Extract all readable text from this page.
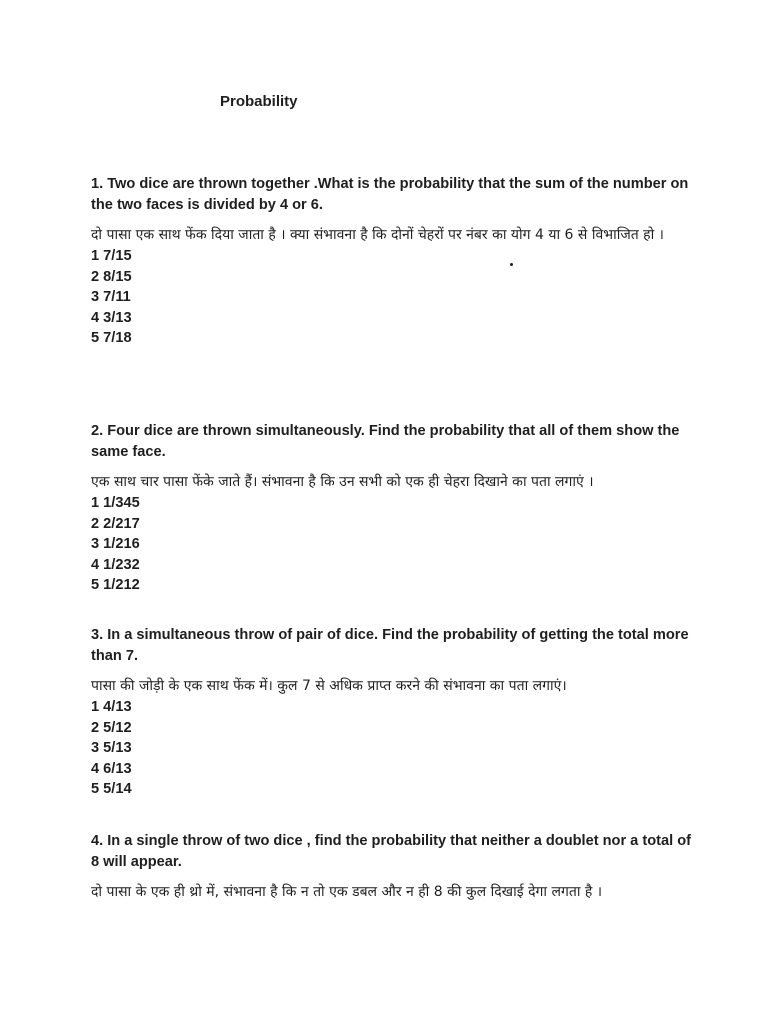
Probability

1. Two dice are thrown together .What is the probability that the sum of the number on the two faces is divided by 4 or 6.

दो पासा एक साथ फेंक दिया जाता है । क्या संभावना है कि दोनों चेहरों पर नंबर का योग 4 या 6 से विभाजित हो ।

1 7/15
2 8/15
3 7/11
4 3/13
5 7/18

2. Four dice are thrown simultaneously. Find the probability that all of them show the same face.

एक साथ चार पासा फेंके जाते हैं। संभावना है कि उन सभी को एक ही चेहरा दिखाने का पता लगाएं ।

1 1/345
2 2/217
3 1/216
4 1/232
5 1/212

3. In a simultaneous throw of pair of dice. Find the probability of getting the total more than 7.

पासा की जोड़ी के एक साथ फेंक में। कुल 7 से अधिक प्राप्त करने की संभावना का पता लगाएं।

1 4/13
2 5/12
3 5/13
4 6/13
5 5/14

4. In a single throw of two dice , find the probability that neither a doublet nor a total of 8 will appear.

दो पासा के एक ही थ्रो में, संभावना है कि न तो एक डबल और न ही 8 की कुल दिखाई देगा लगता है ।
